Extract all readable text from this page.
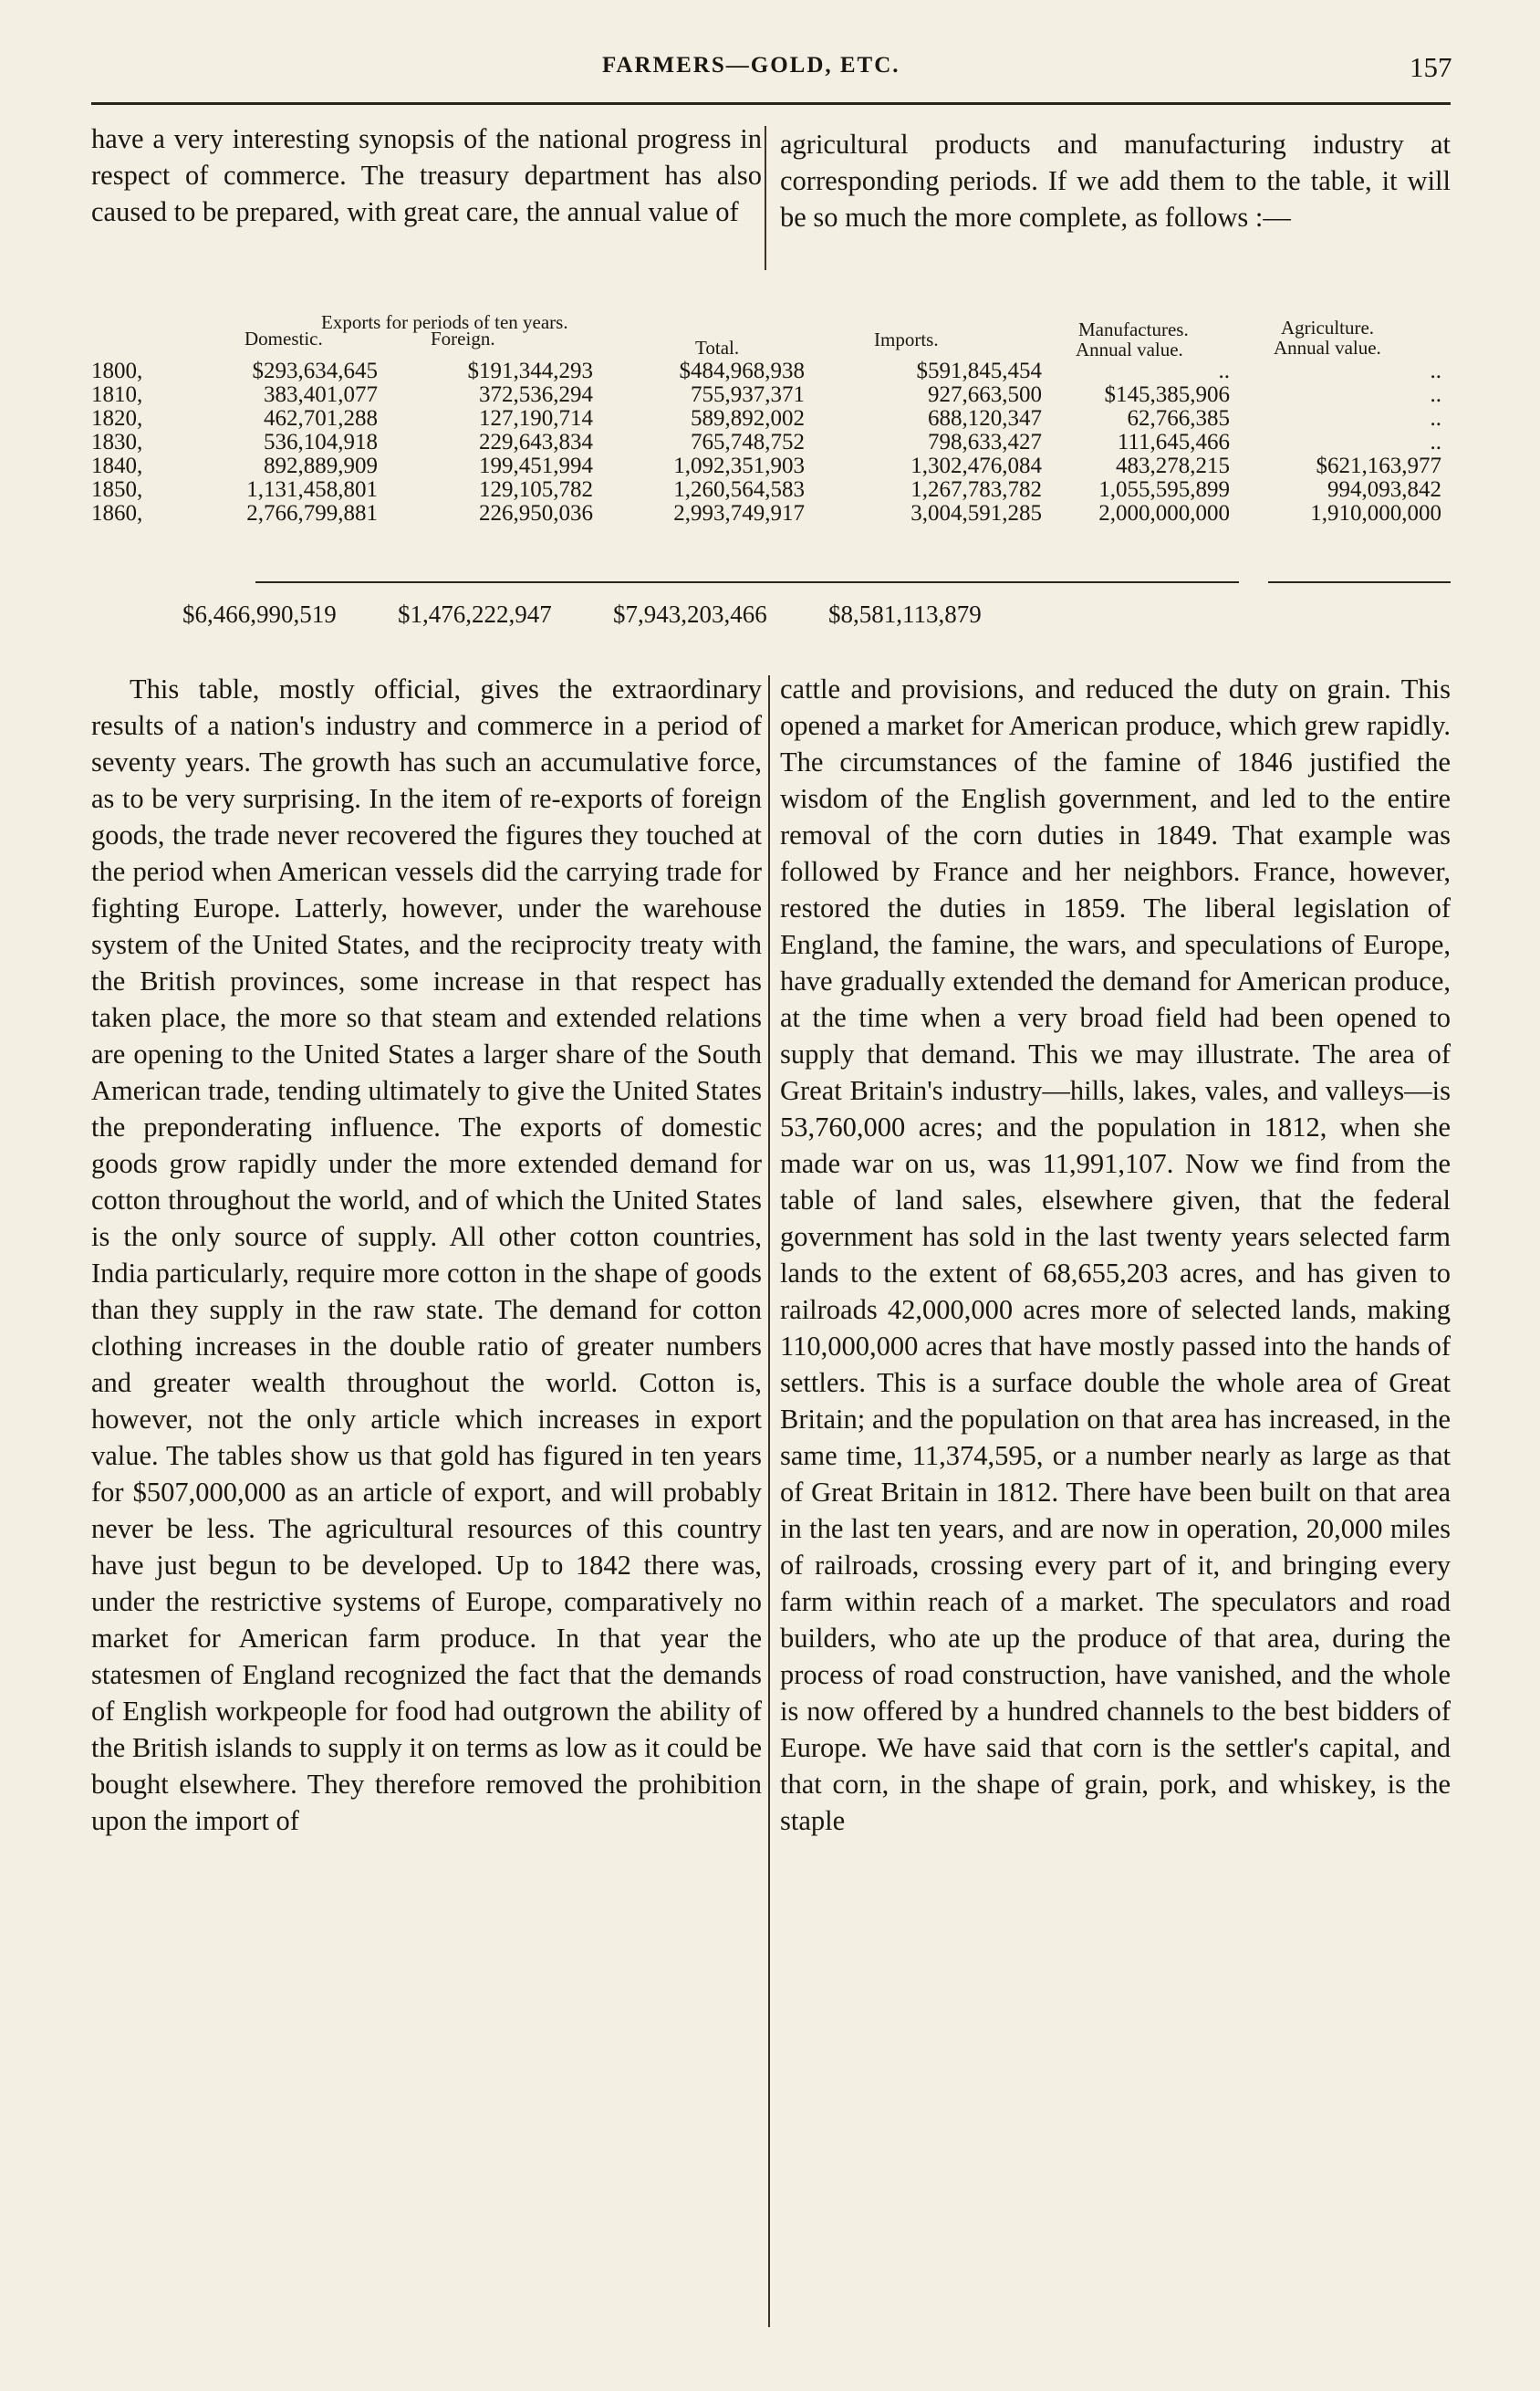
FARMERS—GOLD, ETC.	157

have a very interesting synopsis of the national progress in respect of commerce. The treasury department has also caused to be prepared, with great care, the annual value of

agricultural products and manufacturing industry at corresponding periods. If we add them to the table, it will be so much the more complete, as follows :—

Exports for periods of ten years.
Domestic.	Foreign.	Total.	Imports.	Manufactures.
Annual value.
Agriculture.
Annual value.
1800,	$293,634,645	$191,344,293	$484,968,938	$591,845,454	..	..
1810,	383,401,077	372,536,294	755,937,371	927,663,500	$145,385,906	..
1820,	462,701,288	127,190,714	589,892,002	688,120,347	62,766,385	..
1830,	536,104,918	229,643,834	765,748,752	798,633,427	111,645,466	..
1840,	892,889,909	199,451,994	1,092,351,903	1,302,476,084	483,278,215	$621,163,977
1850,	1,131,458,801	129,105,782	1,260,564,583	1,267,783,782 1,055,595,899	994,093,842
1860,	2,766,799,881	226,950,036	2,993,749,917	3,004,591,285 2,000,000,000	1,910,000,000
$6,466,990,519 $1,476,222,947 $7,943,203,466 $8,581,113,879

This table, mostly official, gives the extraordinary results of a nation's industry and commerce in a period of seventy years. The growth has such an accumulative force, as to be very surprising. In the item of re-exports of foreign goods, the trade never recovered the figures they touched at the period when American vessels did the carrying trade for fighting Europe. Latterly, however, under the warehouse system of the United States, and the reciprocity treaty with the British provinces, some increase in that respect has taken place, the more so that steam and extended relations are opening to the United States a larger share of the South American trade, tending ultimately to give the United States the preponderating influence. The exports of domestic goods grow rapidly under the more extended demand for cotton throughout the world, and of which the United States is the only source of supply. All other cotton countries, India particularly, require more cotton in the shape of goods than they supply in the raw state. The demand for cotton clothing increases in the double ratio of greater numbers and greater wealth throughout the world. Cotton is, however, not the only article which increases in export value. The tables show us that gold has figured in ten years for $507,000,000 as an article of export, and will probably never be less. The agricultural resources of this country have just begun to be developed. Up to 1842 there was, under the restrictive systems of Europe, comparatively no market for American farm produce. In that year the statesmen of England recognized the fact that the demands of English workpeople for food had outgrown the ability of the British islands to supply it on terms as low as it could be bought elsewhere. They therefore removed the prohibition upon the import of

cattle and provisions, and reduced the duty on grain. This opened a market for American produce, which grew rapidly. The circumstances of the famine of 1846 justified the wisdom of the English government, and led to the entire removal of the corn duties in 1849. That example was followed by France and her neighbors. France, however, restored the duties in 1859. The liberal legislation of England, the famine, the wars, and speculations of Europe, have gradually extended the demand for American produce, at the time when a very broad field had been opened to supply that demand. This we may illustrate. The area of Great Britain's industry—hills, lakes, vales, and valleys—is 53,760,000 acres; and the population in 1812, when she made war on us, was 11,991,107. Now we find from the table of land sales, elsewhere given, that the federal government has sold in the last twenty years selected farm lands to the extent of 68,655,203 acres, and has given to railroads 42,000,000 acres more of selected lands, making 110,000,000 acres that have mostly passed into the hands of settlers. This is a surface double the whole area of Great Britain; and the population on that area has increased, in the same time, 11,374,595, or a number nearly as large as that of Great Britain in 1812. There have been built on that area in the last ten years, and are now in operation, 20,000 miles of railroads, crossing every part of it, and bringing every farm within reach of a market. The speculators and road builders, who ate up the produce of that area, during the process of road construction, have vanished, and the whole is now offered by a hundred channels to the best bidders of Europe. We have said that corn is the settler's capital, and that corn, in the shape of grain, pork, and whiskey, is the staple
